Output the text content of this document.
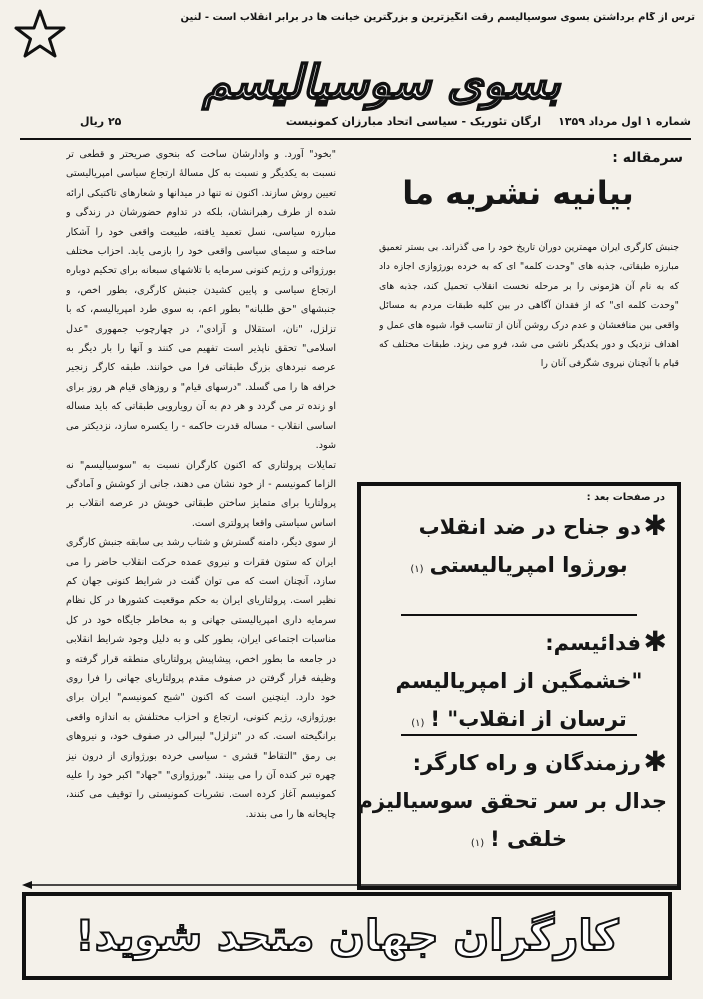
ترس از گام برداشتن بسوی سوسیالیسم رقت انگیزترین و بزرگترین خیانت ها در برابر انقلاب است - لنین
بسوی سوسیالیسم
شماره ۱ اول مرداد ۱۳۵۹
ارگان تئوریک - سیاسی اتحاد مبارزان کمونیست
۲۵ ریال
سرمقاله :
بیانیه نشریه ما

جنبش کارگری ایران مهمترین دوران تاریخ خود را می گذراند. بی بستر تعمیق مبارزه طبقاتی، جذبه های "وحدت کلمه" ای که به خرده بورژوازی اجازه داد که به نام آن هژمونی را بر مرحله نخست انقلاب تحمیل کند، جذبه های "وحدت کلمه ای" که از فقدان آگاهی در بین کلیه طبقات مردم به مسائل واقعی بین منافعشان و عدم درک روشن آنان از تناسب قوا، شیوه های عمل و اهداف نزدیک و دور یکدیگر ناشی می شد، فرو می ریزد. طبقات مختلف که قیام با آنچنان نیروی شگرفی آنان را

"بخود" آورد. و وادارشان ساخت که بنحوی صریحتر و قطعی تر نسبت به یکدیگر و نسبت به کل مسالۀ ارتجاع سیاسی امپریالیستی تعیین روش سازند. اکنون نه تنها در میدانها و شعارهای تاکتیکی ارائه شده از طرف رهبرانشان، بلکه در تداوم حضورشان در زندگی و مبارزه سیاسی، نسل تعمید یافته، طبیعت واقعی خود را آشکار ساخته و سیمای سیاسی واقعی خود را بازمی یابد. احزاب مختلف بورژوائی و رژیم کنونی سرمایه با تلاشهای سبعانه برای تحکیم دوباره ارتجاع سیاسی و پایین کشیدن جنبش کارگری، بطور اخص، و جنبشهای "حق طلبانه" بطور اعم، به سوی طرد امپریالیسم، که با تزلزل، "نان، استقلال و آزادی"، در چهارچوب جمهوری "عدل اسلامی" تحقق ناپذیر است تفهیم می کنند و آنها را بار دیگر به عرصه نبردهای بزرگ طبقاتی فرا می خوانند. طبقه کارگر زنجیر خرافه ها را می گسلد. "درسهای قیام" و روزهای قیام هر روز برای او زنده تر می گردد و هر دم به آن رویارویی طبقاتی که باید مساله اساسی انقلاب - مساله قدرت حاکمه - را یکسره سازد، نزدیکتر می شود.

تمایلات پرولتاری که اکنون کارگران نسبت به "سوسیالیسم" نه الزاما کمونیسم - از خود نشان می دهند، جانی از کوشش و آمادگی پرولتاریا برای متمایز ساختن طبقاتی خویش در عرصه انقلاب بر اساس سیاستی واقعا پرولتری است.

از سوی دیگر، دامنه گسترش و شتاب رشد بی سابقه جنبش کارگری ایران که ستون فقرات و نیروی عمده حرکت انقلاب حاضر را می سازد، آنچنان است که می توان گفت در شرایط کنونی جهان کم نظیر است. پرولتاریای ایران به حکم موقعیت کشورها در کل نظام سرمایه داری امپریالیستی جهانی و به مخاطر جایگاه خود در کل مناسبات اجتماعی ایران، بطور کلی و به دلیل وجود شرایط انقلابی در جامعه ما بطور اخص، پیشاپیش پرولتاریای منطقه قرار گرفته و وظیفه قرار گرفتن در صفوف مقدم پرولتاریای جهانی را فرا روی خود دارد. اینچنین است که اکنون "شبح کمونیسم" ایران برای بورژوازی، رژیم کنونی، ارتجاع و احزاب مختلفش به اندازه واقعی برانگیخته است. که در "تزلزل" لیبرالی در صفوف خود، و نیروهای بی رمق "التقاط" قشری - سیاسی خرده بورژوازی از درون نیز چهره تبر کنده آن را می بینند. "بورژوازی" "جهاد" اکبر خود را علیه کمونیسم آغاز کرده است. نشریات کمونیستی را توقیف می کنند، چاپخانه ها را می بندند.

در صفحات بعد :
✱
دو جناح در ضد انقلاب
بورژوا امپریالیستی(۱)
✱
فدائیسم:
"خشمگین از امپریالیسم
ترسان از انقلاب" !(۱)
✱
رزمندگان و راه کارگر:
جدال بر سر تحقق سوسیالیزم
خلقی !(۱)
کارگران جهان متحد شوید!
